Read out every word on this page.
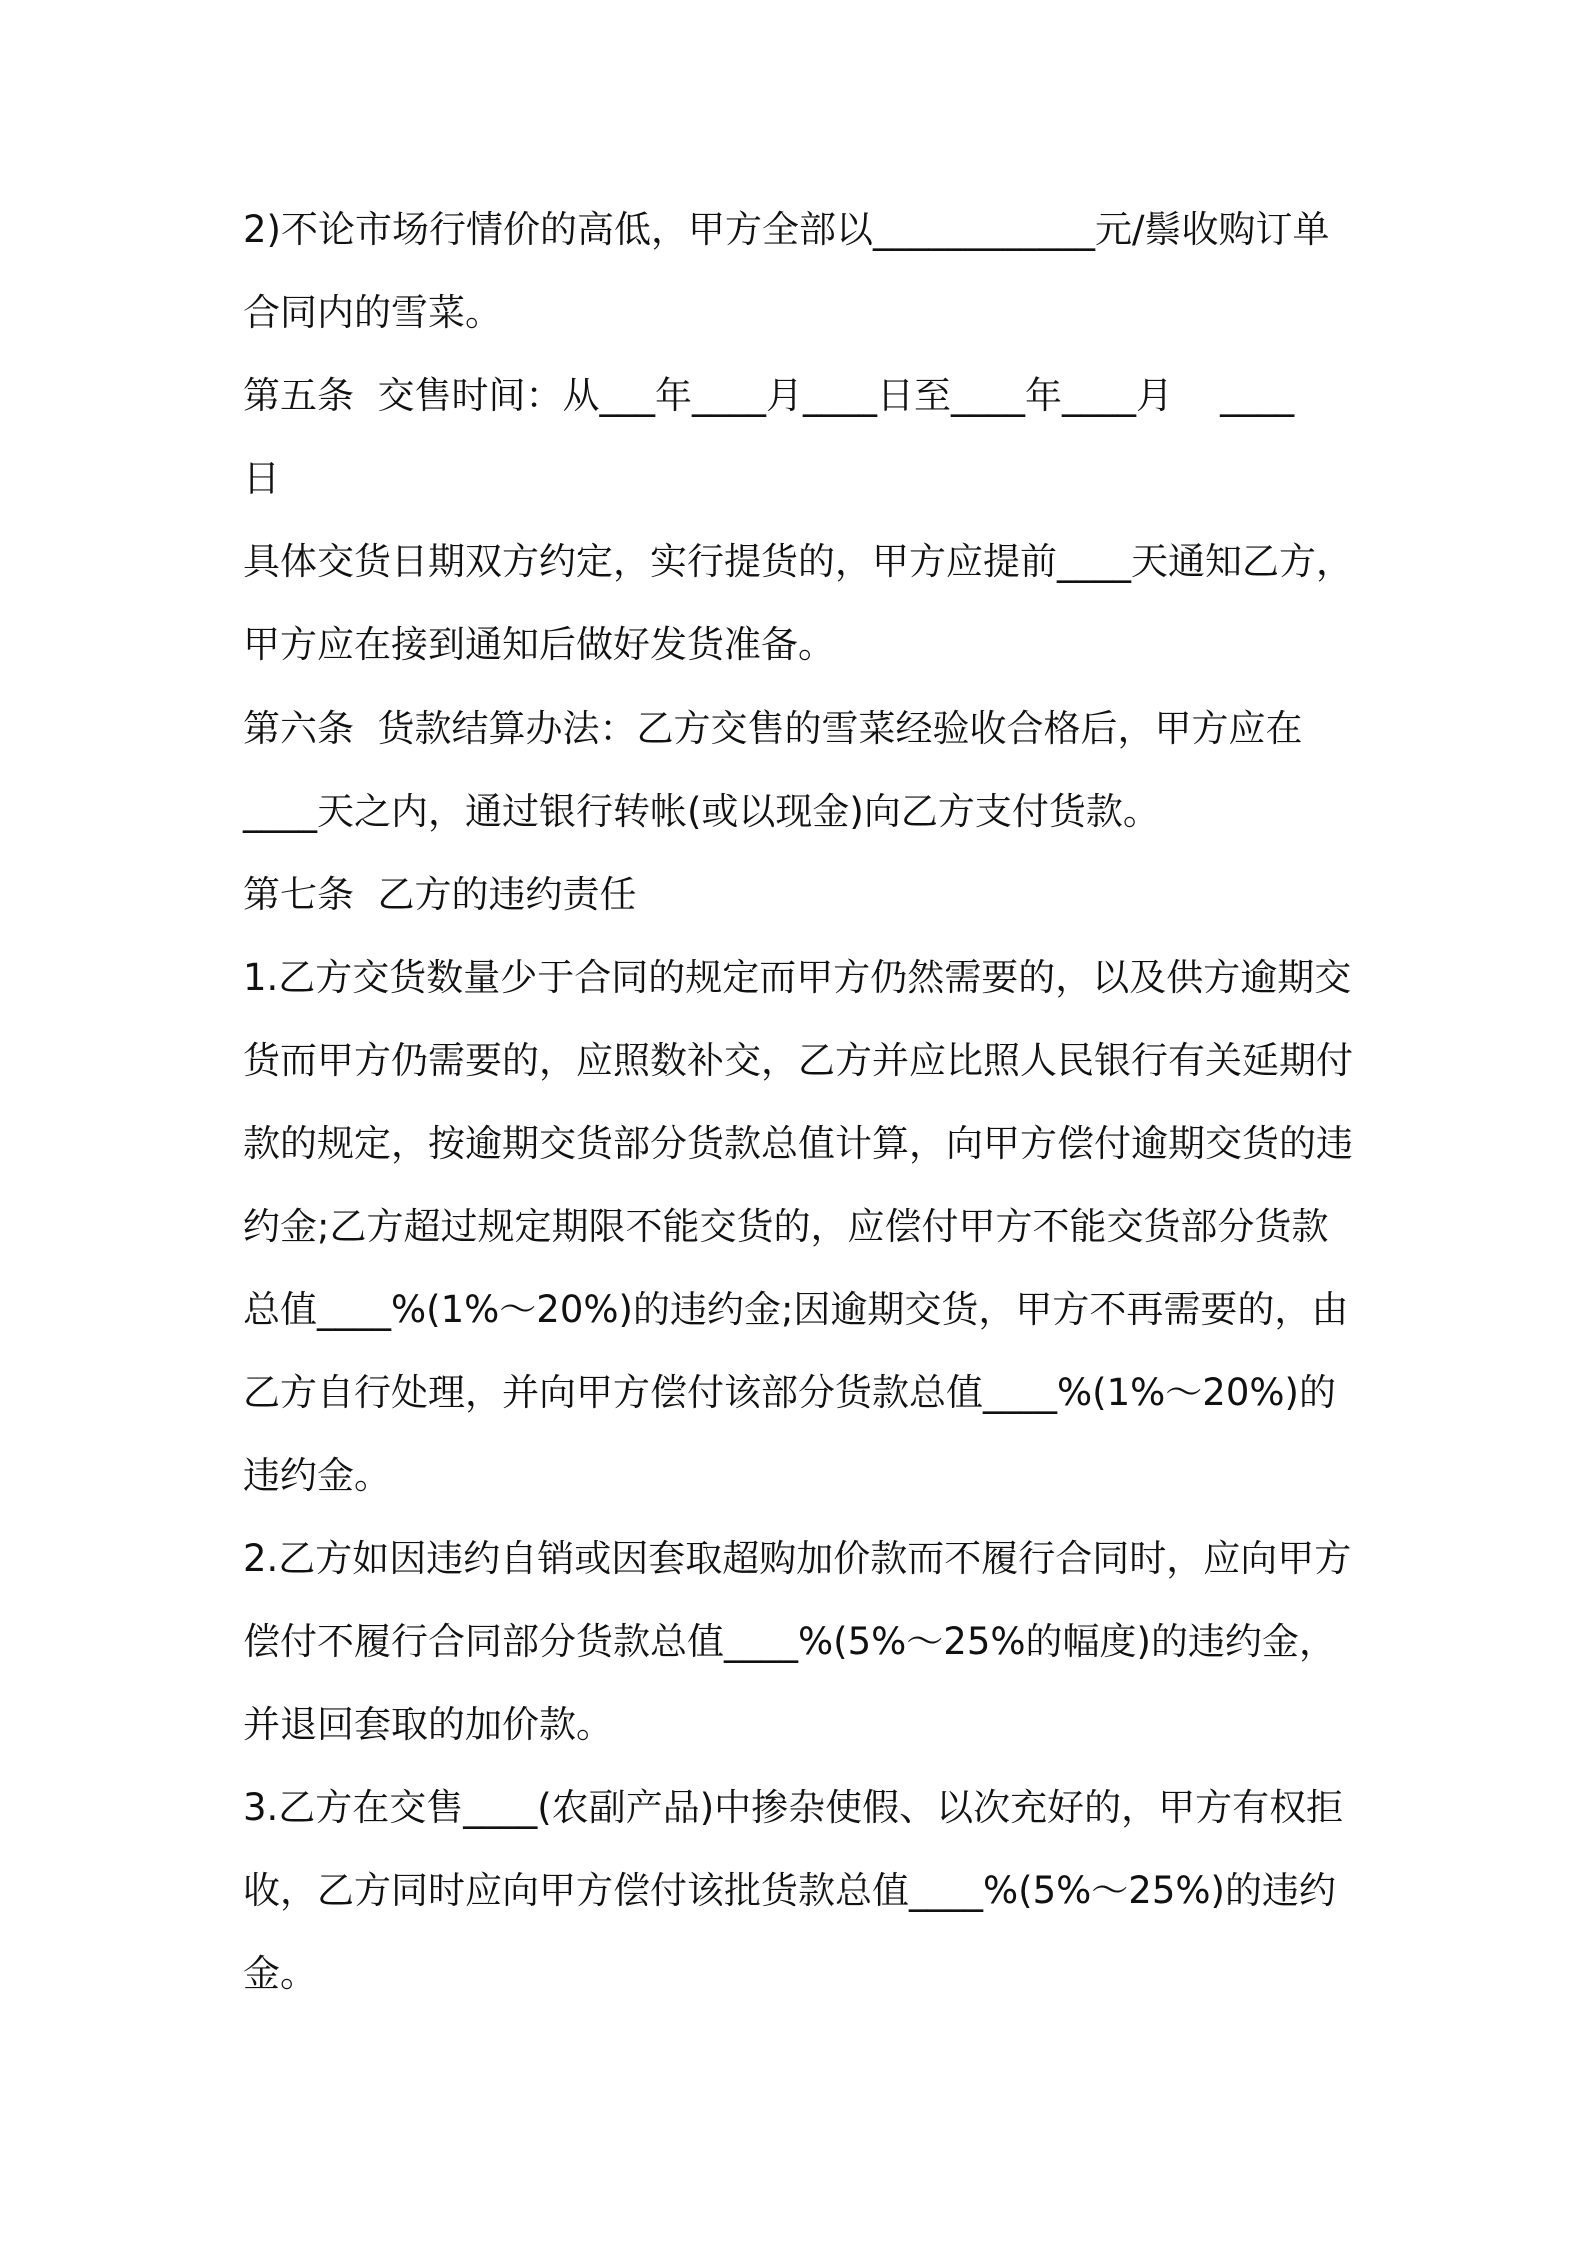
2)不论市场行情价的高低，甲方全部以____________元/鬃收购订单
合同内的雪菜。
第五条  交售时间：从___年____月____日至____年____月    ____
日
具体交货日期双方约定，实行提货的，甲方应提前____天通知乙方，
甲方应在接到通知后做好发货准备。
第六条  货款结算办法：乙方交售的雪菜经验收合格后，甲方应在
____天之内，通过银行转帐(或以现金)向乙方支付货款。
第七条  乙方的违约责任
1.乙方交货数量少于合同的规定而甲方仍然需要的，以及供方逾期交
货而甲方仍需要的，应照数补交，乙方并应比照人民银行有关延期付
款的规定，按逾期交货部分货款总值计算，向甲方偿付逾期交货的违
约金;乙方超过规定期限不能交货的，应偿付甲方不能交货部分货款
总值____%(1%～20%)的违约金;因逾期交货，甲方不再需要的，由
乙方自行处理，并向甲方偿付该部分货款总值____%(1%～20%)的
违约金。
2.乙方如因违约自销或因套取超购加价款而不履行合同时，应向甲方
偿付不履行合同部分货款总值____%(5%～25%的幅度)的违约金，
并退回套取的加价款。
3.乙方在交售____(农副产品)中掺杂使假、以次充好的，甲方有权拒
收，乙方同时应向甲方偿付该批货款总值____%(5%～25%)的违约
金。
